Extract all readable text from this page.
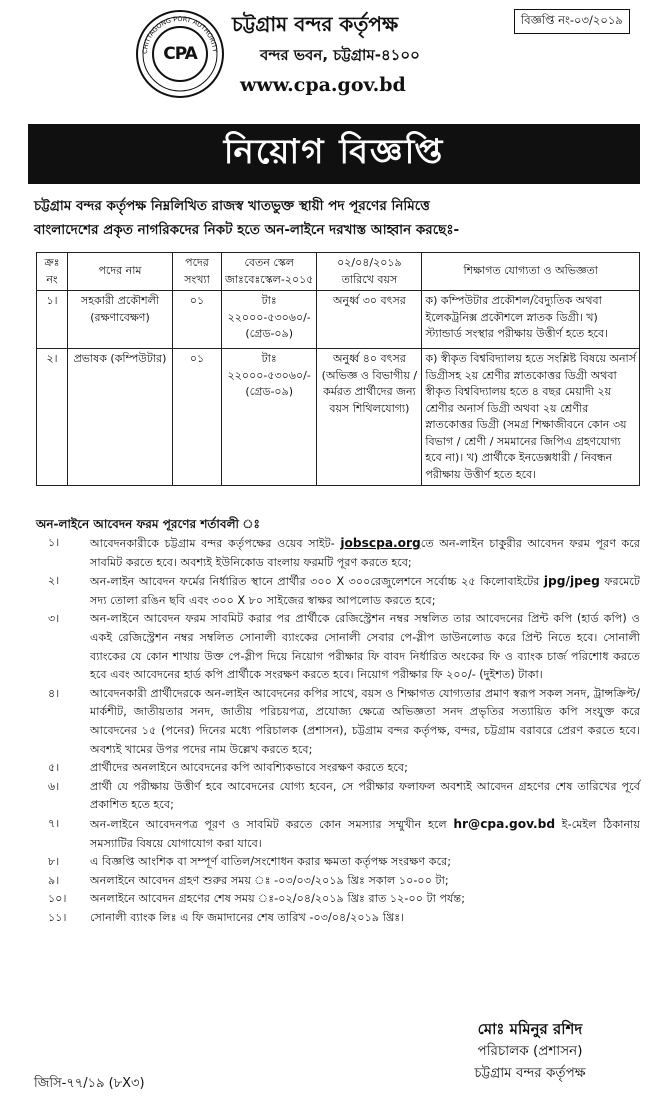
CHITTAGONG PORT AUTHORITY
CPA
চট্টগ্রাম বন্দর কর্তৃপক্ষ
বন্দর ভবন, চট্টগ্রাম-৪১০০
www.cpa.gov.bd
বিজ্ঞপ্তি নং-০৩/২০১৯
নিয়োগ বিজ্ঞপ্তি
চট্টগ্রাম বন্দর কর্তৃপক্ষ নিম্নলিখিত রাজস্ব খাতভুক্ত স্থায়ী পদ পূরণের নিমিত্তে
বাংলাদেশের প্রকৃত নাগরিকদের নিকট হতে অন-লাইনে দরখাস্ত আহ্বান করছেঃ-
ক্রঃ নং	পদের নাম	পদের সংখ্যা	বেতন স্কেল জাঃবেঃস্কেল-২০১৫	০২/০৪/২০১৯ তারিখে বয়স	শিক্ষাগত যোগ্যতা ও অভিজ্ঞতা
১।	সহকারী প্রকৌশলী (রক্ষণাবেক্ষণ)	০১	টাঃ ২২০০০-৫৩০৬০/- (গ্রেড-০৯)	অনুর্ধ্ব ৩০ বৎসর	ক) কম্পিউটার প্রকৌশল/বৈদ্যুতিক অথবা ইলেকট্রনিক্স প্রকৌশলে স্নাতক ডিগ্রী। খ) স্ট্যান্ডার্ড সংস্থার পরীক্ষায় উত্তীর্ণ হতে হবে।
২।	প্রভাষক (কম্পিউটার)	০১	টাঃ ২২০০০-৫৩০৬০/- (গ্রেড-০৯)	অনুর্ধ্ব ৪০ বৎসর (অভিজ্ঞ ও বিভাগীয় / কর্মরত প্রার্থীদের জন্য বয়স শিথিলযোগ্য)	ক) স্বীকৃত বিশ্ববিদ্যালয় হতে সংশ্লিষ্ট বিষয়ে অনার্স ডিগ্রীসহ ২য় শ্রেণীর স্নাতকোত্তর ডিগ্রী অথবা স্বীকৃত বিশ্ববিদ্যালয় হতে ৪ বছর মেয়াদী ২য় শ্রেণীর অনার্স ডিগ্রী অথবা ২য় শ্রেণীর স্নাতকোত্তর ডিগ্রী (সমগ্র শিক্ষাজীবনে কোন ৩য় বিভাগ / শ্রেণী / সমমানের জিপিএ গ্রহণযোগ্য হবে না)। খ) প্রার্থীকে ইনডেক্সধারী / নিবন্ধন পরীক্ষায় উত্তীর্ণ হতে হবে।
অন-লাইনে আবেদন ফরম পূরণের শর্তাবলী ঃ
১।	আবেদনকারীকে চট্টগ্রাম বন্দর কর্তৃপক্ষের ওয়েব সাইট- jobscpa.orgতে অন-লাইন চাকুরীর আবেদন ফরম পূরণ করে সাবমিট করতে হবে। অবশ্যই ইউনিকোড বাংলায় ফরমটি পূরণ করতে হবে;
২।	অন-লাইন আবেদন ফর্মের নির্ধারিত স্থানে প্রার্থীর ৩০০ X ৩০০রেজুলেশনে সর্বোচ্চ ২৫ কিলোবাইটের jpg/jpeg ফরমেটে সদ্য তোলা রঙিন ছবি এবং ৩০০ X ৮০ সাইজের স্বাক্ষর আপলোড করতে হবে;
৩।	অন-লাইনে আবেদন ফরম সাবমিট করার পর প্রার্থীকে রেজিস্ট্রেশন নম্বর সম্বলিত তার আবেদনের প্রিন্ট কপি (হার্ড কপি) ও একই রেজিস্ট্রেশন নম্বর সম্বলিত সোনালী ব্যাংকের সোনালী সেবার পে-স্লীপ ডাউনলোড করে প্রিন্ট নিতে হবে। সোনালী ব্যাংকের যে কোন শাখায় উক্ত পে-স্লীপ দিয়ে নিয়োগ পরীক্ষার ফি বাবদ নির্ধারিত অংকের ফি ও ব্যাংক চার্জ পরিশোধ করতে হবে এবং আবেদনের হার্ড কপি প্রার্থীকে সংরক্ষণ করতে হবে। নিয়োগ পরীক্ষার ফি ২০০/- (দুইশত) টাকা।
৪।	আবেদনকারী প্রার্থীদেরকে অন-লাইন আবেদনের কপির সাথে, বয়স ও শিক্ষাগত যোগ্যতার প্রমাণ স্বরূপ সকল সনদ, ট্রান্সক্রিপ্ট/মার্কশীট, জাতীয়তার সনদ, জাতীয় পরিচয়পত্র, প্রযোজ্য ক্ষেত্রে অভিজ্ঞতা সনদ প্রভৃতির সত্যায়িত কপি সংযুক্ত করে আবেদনের ১৫ (পনের) দিনের মধ্যে পরিচালক (প্রশাসন), চট্টগ্রাম বন্দর কর্তৃপক্ষ, বন্দর, চট্টগ্রাম বরাবরে প্রেরণ করতে হবে। অবশ্যই খামের উপর পদের নাম উল্লেখ করতে হবে;
৫।	প্রার্থীদের অনলাইনে আবেদনের কপি আবশ্যিকভাবে সংরক্ষণ করতে হবে;
৬।	প্রার্থী যে পরীক্ষায় উত্তীর্ণ হবে আবেদনের যোগ্য হবেন, সে পরীক্ষার ফলাফল অবশ্যই আবেদন গ্রহণের শেষ তারিখের পূর্বে প্রকাশিত হতে হবে;
৭।	অন-লাইনে আবেদনপত্র পূরণ ও সাবমিট করতে কোন সমস্যার সম্মুখীন হলে hr@cpa.gov.bd ই-মেইল ঠিকানায় সমস্যাটির বিষয়ে যোগাযোগ করা যাবে।
৮।	এ বিজ্ঞপ্তি আংশিক বা সম্পূর্ণ বাতিল/সংশোধন করার ক্ষমতা কর্তৃপক্ষ সংরক্ষণ করে;
৯।	অনলাইনে আবেদন গ্রহণ শুরুর সময় ঃ -০৩/০৩/২০১৯ খ্রিঃ সকাল ১০-০০ টা;
১০।	অনলাইনে আবেদন গ্রহণের শেষ সময় ঃ-০২/০৪/২০১৯ খ্রিঃ রাত ১২-০০ টা পর্যন্ত;
১১।	সোনালী ব্যাংক লিঃ এ ফি জমাদানের শেষ তারিখ -০৩/০৪/২০১৯ খ্রিঃ।
মোঃ মমিনুর রশিদ
পরিচালক (প্রশাসন)
চট্টগ্রাম বন্দর কর্তৃপক্ষ
জিসি-৭৭/১৯ (৮X৩)
